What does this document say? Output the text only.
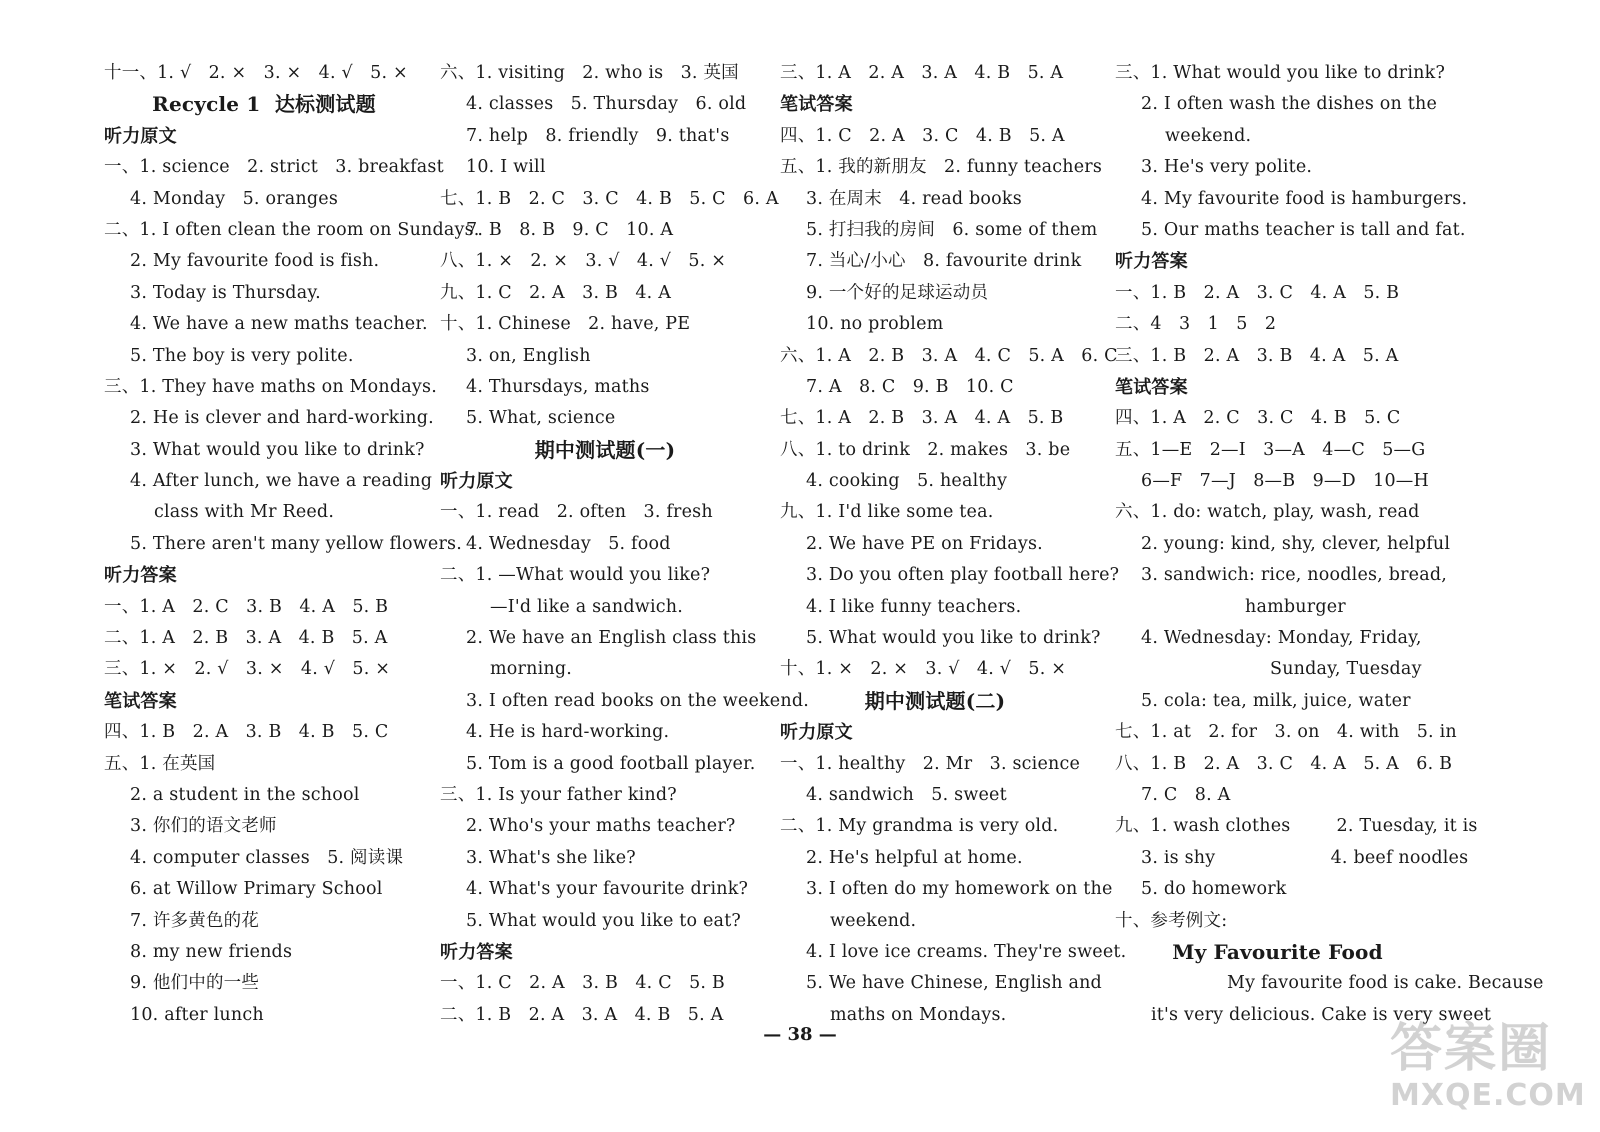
十一、1. √   2. ×   3. ×   4. √   5. ×
Recycle 1  达标测试题
听力原文
一、1. science   2. strict   3. breakfast
4. Monday   5. oranges
二、1. I often clean the room on Sundays.
2. My favourite food is fish.
3. Today is Thursday.
4. We have a new maths teacher.
5. The boy is very polite.
三、1. They have maths on Mondays.
2. He is clever and hard-working.
3. What would you like to drink?
4. After lunch, we have a reading
class with Mr Reed.
5. There aren't many yellow flowers.
听力答案
一、1. A   2. C   3. B   4. A   5. B
二、1. A   2. B   3. A   4. B   5. A
三、1. ×   2. √   3. ×   4. √   5. ×
笔试答案
四、1. B   2. A   3. B   4. B   5. C
五、1. 在英国
2. a student in the school
3. 你们的语文老师
4. computer classes   5. 阅读课
6. at Willow Primary School
7. 许多黄色的花
8. my new friends
9. 他们中的一些
10. after lunch
六、1. visiting   2. who is   3. 英国
4. classes   5. Thursday   6. old
7. help   8. friendly   9. that's
10. I will
七、1. B   2. C   3. C   4. B   5. C   6. A
7. B   8. B   9. C   10. A
八、1. ×   2. ×   3. √   4. √   5. ×
九、1. C   2. A   3. B   4. A
十、1. Chinese   2. have, PE
3. on, English
4. Thursdays, maths
5. What, science
期中测试题(一)
听力原文
一、1. read   2. often   3. fresh
4. Wednesday   5. food
二、1. —What would you like?
—I'd like a sandwich.
2. We have an English class this
morning.
3. I often read books on the weekend.
4. He is hard-working.
5. Tom is a good football player.
三、1. Is your father kind?
2. Who's your maths teacher?
3. What's she like?
4. What's your favourite drink?
5. What would you like to eat?
听力答案
一、1. C   2. A   3. B   4. C   5. B
二、1. B   2. A   3. A   4. B   5. A
三、1. A   2. A   3. A   4. B   5. A
笔试答案
四、1. C   2. A   3. C   4. B   5. A
五、1. 我的新朋友   2. funny teachers
3. 在周末   4. read books
5. 打扫我的房间   6. some of them
7. 当心/小心   8. favourite drink
9. 一个好的足球运动员
10. no problem
六、1. A   2. B   3. A   4. C   5. A   6. C
7. A   8. C   9. B   10. C
七、1. A   2. B   3. A   4. A   5. B
八、1. to drink   2. makes   3. be
4. cooking   5. healthy
九、1. I'd like some tea.
2. We have PE on Fridays.
3. Do you often play football here?
4. I like funny teachers.
5. What would you like to drink?
十、1. ×   2. ×   3. √   4. √   5. ×
期中测试题(二)
听力原文
一、1. healthy   2. Mr   3. science
4. sandwich   5. sweet
二、1. My grandma is very old.
2. He's helpful at home.
3. I often do my homework on the
weekend.
4. I love ice creams. They're sweet.
5. We have Chinese, English and
maths on Mondays.
三、1. What would you like to drink?
2. I often wash the dishes on the
weekend.
3. He's very polite.
4. My favourite food is hamburgers.
5. Our maths teacher is tall and fat.
听力答案
一、1. B   2. A   3. C   4. A   5. B
二、4   3   1   5   2
三、1. B   2. A   3. B   4. A   5. A
笔试答案
四、1. A   2. C   3. C   4. B   5. C
五、1—E   2—I   3—A   4—C   5—G
6—F   7—J   8—B   9—D   10—H
六、1. do: watch, play, wash, read
2. young: kind, shy, clever, helpful
3. sandwich: rice, noodles, bread,
hamburger
4. Wednesday: Monday, Friday,
Sunday, Tuesday
5. cola: tea, milk, juice, water
七、1. at   2. for   3. on   4. with   5. in
八、1. B   2. A   3. C   4. A   5. A   6. B
7. C   8. A
九、1. wash clothes        2. Tuesday, it is
3. is shy                    4. beef noodles
5. do homework
十、参考例文:
My Favourite Food
My favourite food is cake. Because
it's very delicious. Cake is very sweet
— 38 —	答案圈
MXQE.COM
